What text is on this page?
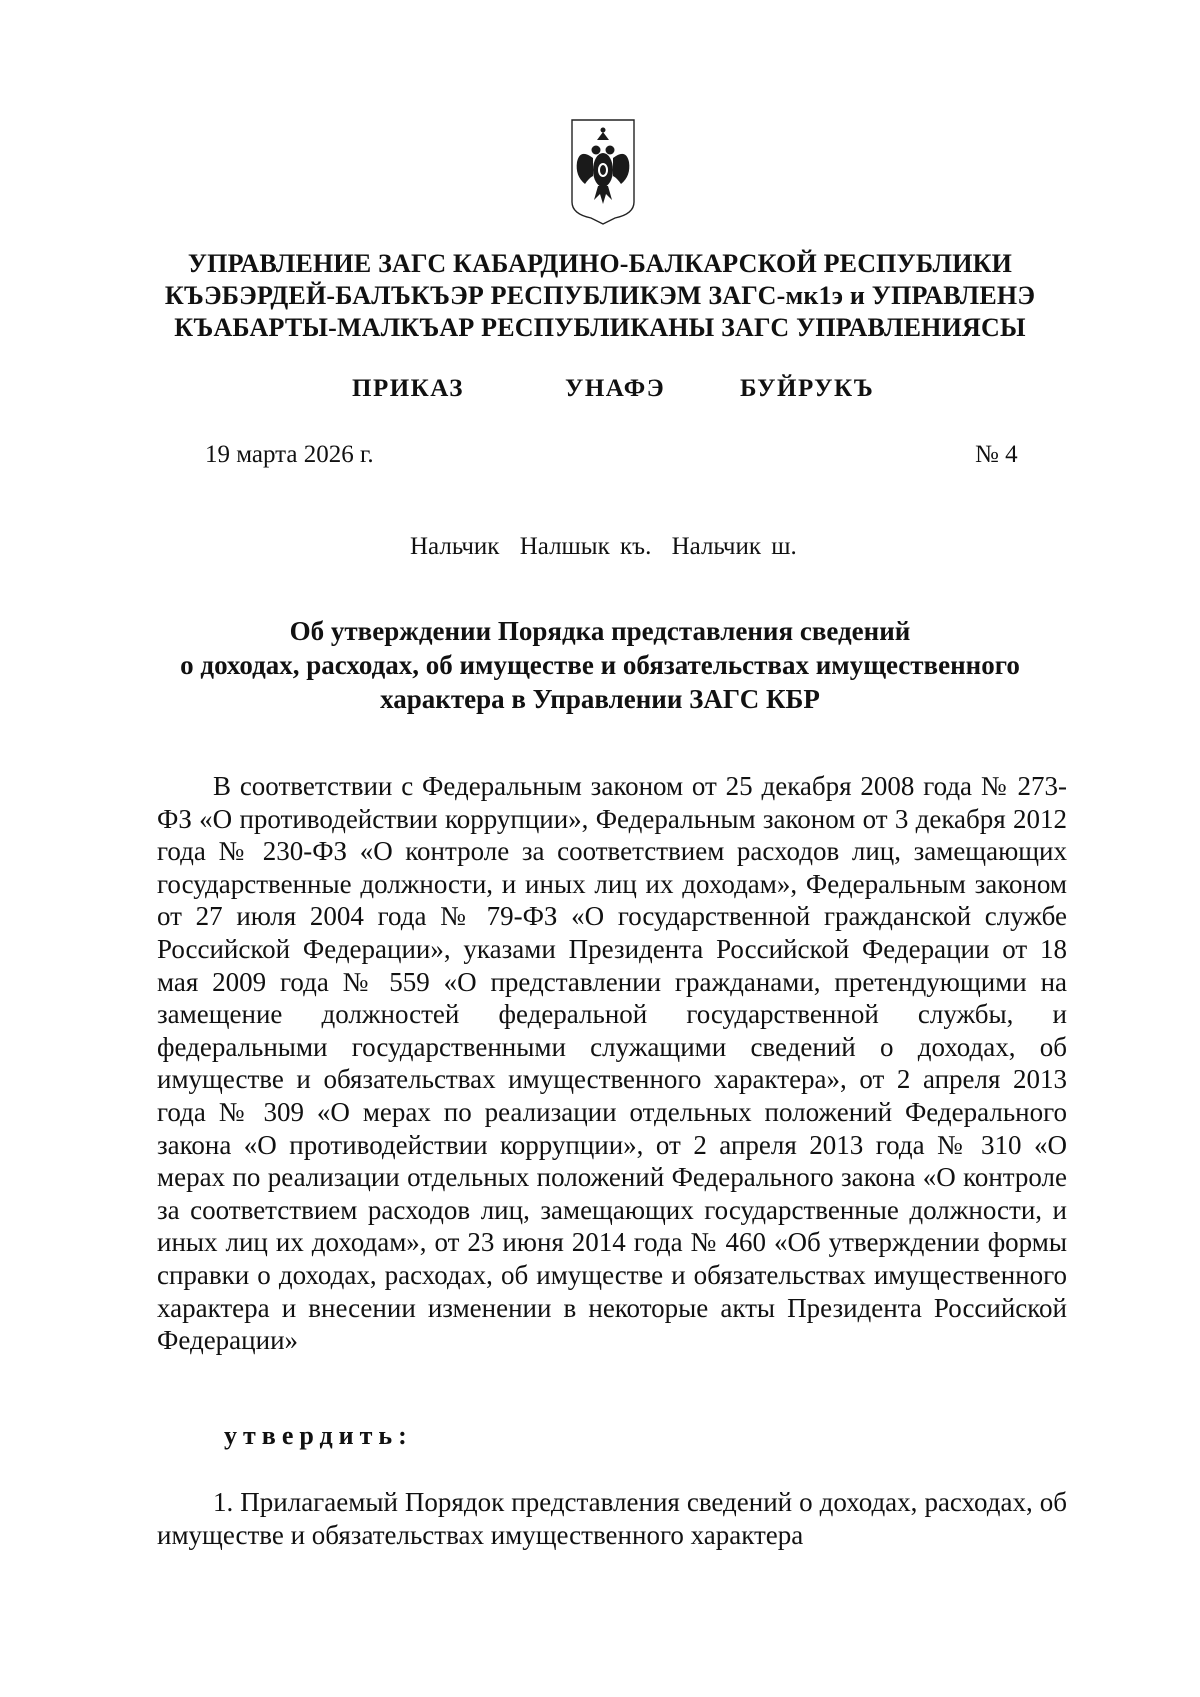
УПРАВЛЕНИЕ ЗАГС КАБАРДИНО-БАЛКАРСКОЙ РЕСПУБЛИКИ
КЪЭБЭРДЕЙ-БАЛЪКЪЭР РЕСПУБЛИКЭМ ЗАГС-мк1э и УПРАВЛЕНЭ
КЪАБАРТЫ-МАЛКЪАР РЕСПУБЛИКАНЫ ЗАГС УПРАВЛЕНИЯСЫ
ПРИКАЗ	УНАФЭ	БУЙРУКЪ
19 марта 2026 г.	№ 4
Нальчик Налшык къ. Нальчик ш.
Об утверждении Порядка представления сведений
о доходах, расходах, об имуществе и обязательствах имущественного
характера в Управлении ЗАГС КБР

В соответствии с Федеральным законом от 25 декабря 2008 года № 273-ФЗ «О противодействии коррупции», Федеральным законом от 3 декабря 2012 года № 230-ФЗ «О контроле за соответствием расходов лиц, замещающих государственные должности, и иных лиц их доходам», Федеральным законом от 27 июля 2004 года № 79-ФЗ «О государственной гражданской службе Российской Федерации», указами Президента Российской Федерации от 18 мая 2009 года № 559 «О представлении гражданами, претендующими на замещение должностей федеральной государственной службы, и федеральными государственными служащими сведений о доходах, об имуществе и обязательствах имущественного характера», от 2 апреля 2013 года № 309 «О мерах по реализации отдельных положений Федерального закона «О противодействии коррупции», от 2 апреля 2013 года № 310 «О мерах по реализации отдельных положений Федерального закона «О контроле за соответствием расходов лиц, замещающих государственные должности, и иных лиц их доходам», от 23 июня 2014 года № 460 «Об утверждении формы справки о доходах, расходах, об имуществе и обязательствах имущественного характера и внесении изменении в некоторые акты Президента Российской Федерации»

утвердить:

1. Прилагаемый Порядок представления сведений о доходах, расходах, об имуществе и обязательствах имущественного характера
